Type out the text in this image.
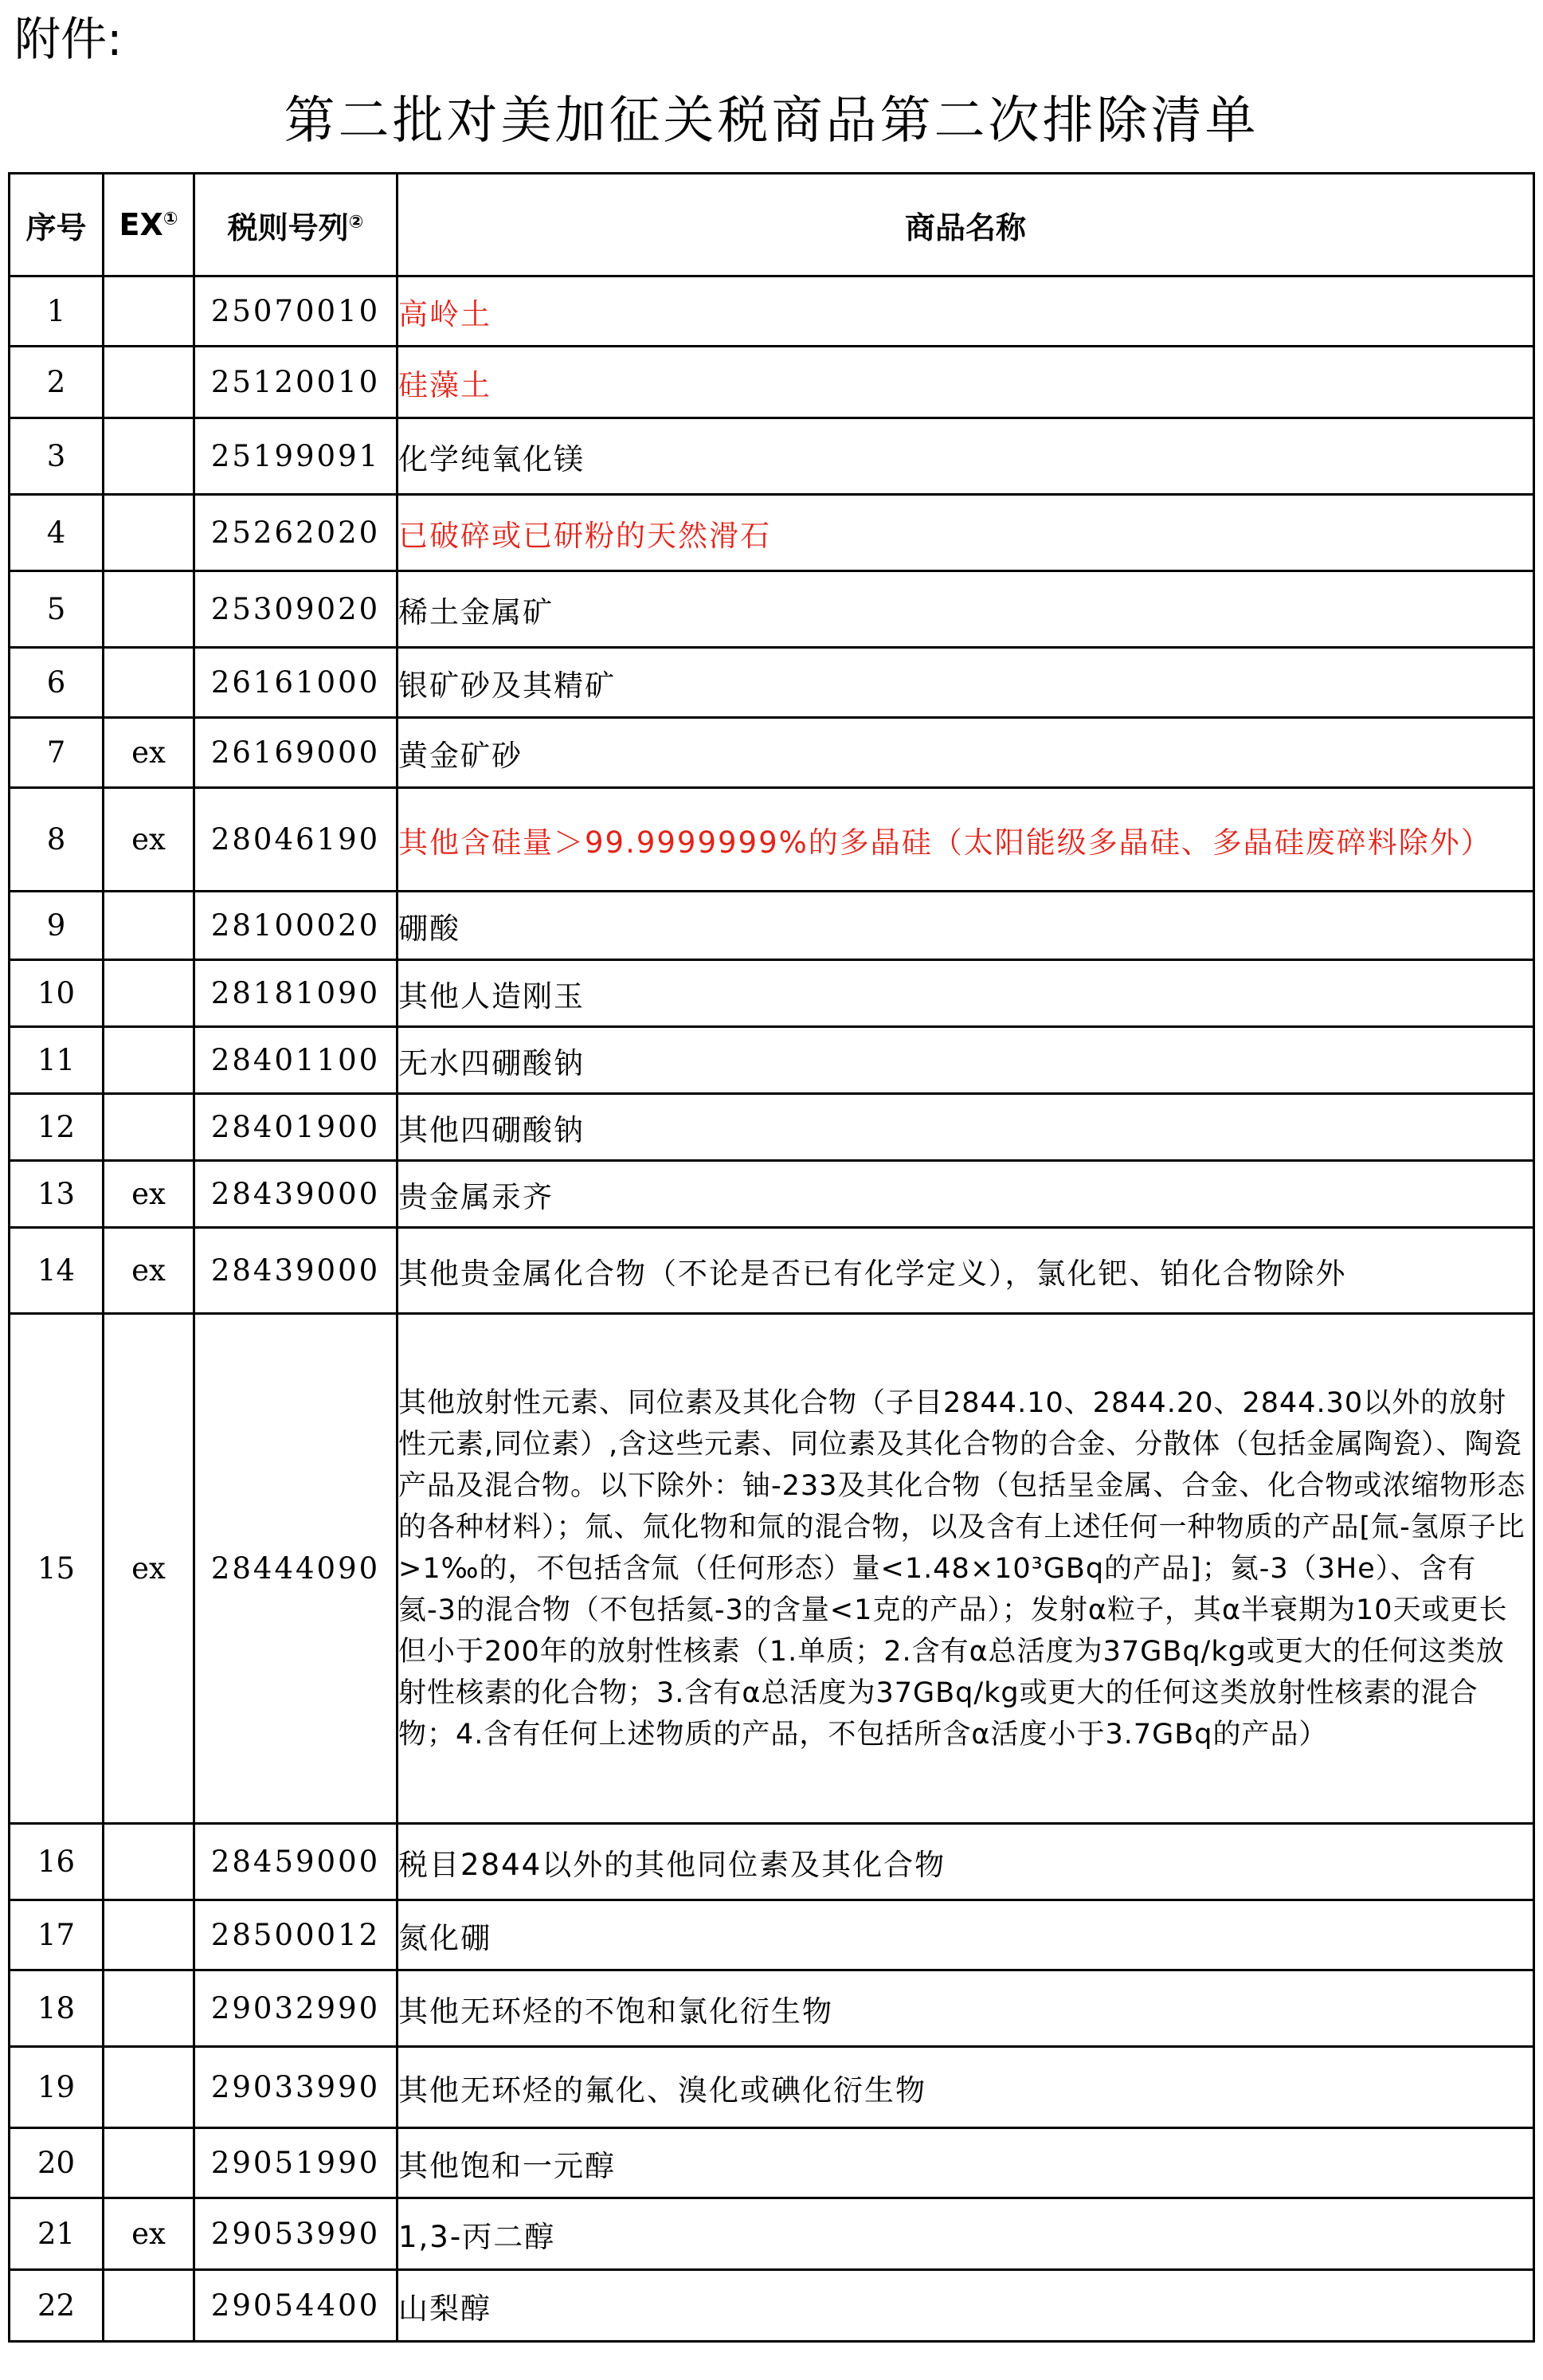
附件:
第二批对美加征关税商品第二次排除清单
序号	EX①	税则号列②	商品名称
1		25070010	高岭土
2		25120010	硅藻土
3		25199091	化学纯氧化镁
4		25262020	已破碎或已研粉的天然滑石
5		25309020	稀土金属矿
6		26161000	银矿砂及其精矿
7	ex	26169000	黄金矿砂
8	ex	28046190	其他含硅量＞99.9999999%的多晶硅（太阳能级多晶硅、多晶硅废碎料除外）
9		28100020	硼酸
10		28181090	其他人造刚玉
11		28401100	无水四硼酸钠
12		28401900	其他四硼酸钠
13	ex	28439000	贵金属汞齐
14	ex	28439000	其他贵金属化合物（不论是否已有化学定义），氯化钯、铂化合物除外
15	ex	28444090	其他放射性元素、同位素及其化合物（子目2844.10、2844.20、2844.30以外的放射性元素,同位素）,含这些元素、同位素及其化合物的合金、分散体（包括金属陶瓷）、陶瓷产品及混合物。以下除外：铀-233及其化合物（包括呈金属、合金、化合物或浓缩物形态的各种材料）；氚、氚化物和氚的混合物，以及含有上述任何一种物质的产品[氚-氢原子比>1‰的，不包括含氚（任何形态）量<1.48×10³GBq的产品]；氦-3（3He）、含有氦-3的混合物（不包括氦-3的含量<1克的产品）；发射α粒子，其α半衰期为10天或更长但小于200年的放射性核素（1.单质；2.含有α总活度为37GBq/kg或更大的任何这类放射性核素的化合物；3.含有α总活度为37GBq/kg或更大的任何这类放射性核素的混合物；4.含有任何上述物质的产品，不包括所含α活度小于3.7GBq的产品）
16		28459000	税目2844以外的其他同位素及其化合物
17		28500012	氮化硼
18		29032990	其他无环烃的不饱和氯化衍生物
19		29033990	其他无环烃的氟化、溴化或碘化衍生物
20		29051990	其他饱和一元醇
21	ex	29053990	1,3-丙二醇
22		29054400	山梨醇
